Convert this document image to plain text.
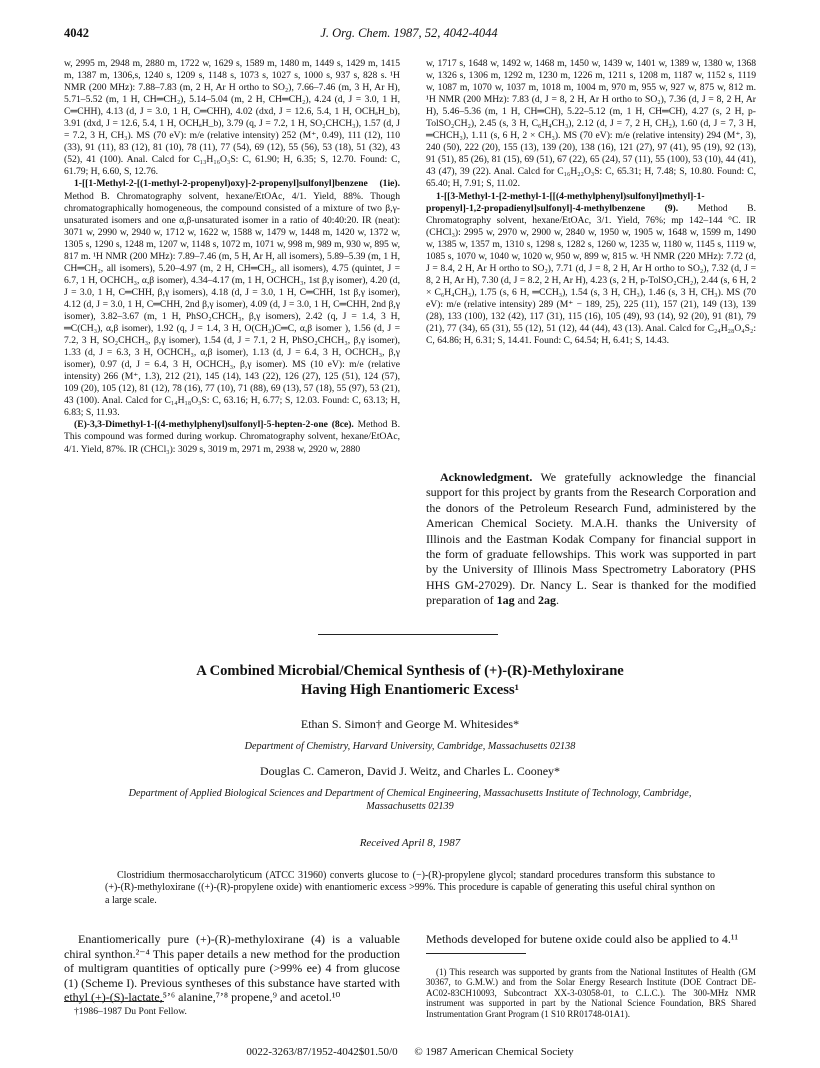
4042	J. Org. Chem. 1987, 52, 4042-4044

w, 2995 m, 2948 m, 2880 m, 1722 w, 1629 s, 1589 m, 1480 m, 1449 s, 1429 m, 1415 m, 1387 m, 1306,s, 1240 s, 1209 s, 1148 s, 1073 s, 1027 s, 1000 s, 937 s, 828 s. ¹H NMR (200 MHz): 7.88–7.83 (m, 2 H, Ar H ortho to SO₂), 7.66–7.46 (m, 3 H, Ar H), 5.71–5.52 (m, 1 H, CH═CH₂), 5.14–5.04 (m, 2 H, CH═CH₂), 4.24 (d, J = 3.0, 1 H, C═CHH), 4.13 (d, J = 3.0, 1 H, C═CHH), 4.02 (dxd, J = 12.6, 5.4, 1 H, OCHₐH_b), 3.91 (dxd, J = 12.6, 5.4, 1 H, OCHₐH_b), 3.79 (q, J = 7.2, 1 H, SO₂CHCH₃), 1.57 (d, J = 7.2, 3 H, CH₃). MS (70 eV): m/e (relative intensity) 252 (M⁺, 0.49), 111 (12), 110 (33), 91 (11), 83 (12), 81 (10), 78 (11), 77 (54), 69 (12), 55 (56), 53 (18), 51 (32), 43 (52), 41 (100). Anal. Calcd for C₁₃H₁₆O₃S: C, 61.90; H, 6.35; S, 12.70. Found: C, 61.79; H, 6.60, S, 12.76.

1-[[1-Methyl-2-[(1-methyl-2-propenyl)oxy]-2-propenyl]sulfonyl]benzene (1ie). Method B. Chromatography solvent, hexane/EtOAc, 4/1. Yield, 88%. Though chromatographically homogeneous, the compound consisted of a mixture of two β,γ-unsaturated isomers and one α,β-unsaturated isomer in a ratio of 40:40:20. IR (neat): 3071 w, 2990 w, 2940 w, 1712 w, 1622 w, 1588 w, 1479 w, 1448 m, 1420 w, 1372 w, 1305 s, 1290 s, 1248 m, 1207 w, 1148 s, 1072 m, 1071 w, 998 m, 989 m, 930 w, 895 w, 817 m. ¹H NMR (200 MHz): 7.89–7.46 (m, 5 H, Ar H, all isomers), 5.89–5.39 (m, 1 H, CH═CH₂, all isomers), 5.20–4.97 (m, 2 H, CH═CH₂, all isomers), 4.75 (quintet, J = 6.7, 1 H, OCHCH₃, α,β isomer), 4.34–4.17 (m, 1 H, OCHCH₃, 1st β,γ isomer), 4.20 (d, J = 3.0, 1 H, C═CHH, β,γ isomers), 4.18 (d, J = 3.0, 1 H, C═CHH, 1st β,γ isomer), 4.12 (d, J = 3.0, 1 H, C═CHH, 2nd β,γ isomer), 4.09 (d, J = 3.0, 1 H, C═CHH, 2nd β,γ isomer), 3.82–3.67 (m, 1 H, PhSO₂CHCH₃, β,γ isomers), 2.42 (q, J = 1.4, 3 H, ═C(CH₃), α,β isomer), 1.92 (q, J = 1.4, 3 H, O(CH₃)C═C, α,β isomer ), 1.56 (d, J = 7.2, 3 H, SO₂CHCH₃, β,γ isomer), 1.54 (d, J = 7.1, 2 H, PhSO₂CHCH₃, β,γ isomer), 1.33 (d, J = 6.3, 3 H, OCHCH₃, α,β isomer), 1.13 (d, J = 6.4, 3 H, OCHCH₃, β,γ isomer), 0.97 (d, J = 6.4, 3 H, OCHCH₃, β,γ isomer). MS (10 eV): m/e (relative intensity) 266 (M⁺, 1.3), 212 (21), 145 (14), 143 (22), 126 (27), 125 (51), 124 (57), 109 (20), 105 (12), 81 (12), 78 (16), 77 (10), 71 (88), 69 (13), 57 (18), 55 (97), 53 (21), 43 (100). Anal. Calcd for C₁₄H₁₈O₃S: C, 63.16; H, 6.77; S, 12.03. Found: C, 63.13; H, 6.83; S, 11.93.

(E)-3,3-Dimethyl-1-[(4-methylphenyl)sulfonyl]-5-hepten-2-one (8ce). Method B. This compound was formed during workup. Chromatography solvent, hexane/EtOAc, 4/1. Yield, 87%. IR (CHCl₃): 3029 s, 3019 m, 2971 m, 2938 w, 2920 w, 2880

w, 1717 s, 1648 w, 1492 w, 1468 m, 1450 w, 1439 w, 1401 w, 1389 w, 1380 w, 1368 w, 1326 s, 1306 m, 1292 m, 1230 m, 1226 m, 1211 s, 1208 m, 1187 w, 1152 s, 1119 w, 1087 m, 1070 w, 1037 m, 1018 m, 1004 m, 970 m, 955 w, 927 w, 875 w, 812 m. ¹H NMR (200 MHz): 7.83 (d, J = 8, 2 H, Ar H ortho to SO₂), 7.36 (d, J = 8, 2 H, Ar H), 5.46–5.36 (m, 1 H, CH═CH), 5.22–5.12 (m, 1 H, CH═CH), 4.27 (s, 2 H, p-TolSO₂CH₂), 2.45 (s, 3 H, C₆H₄CH₃), 2.12 (d, J = 7, 2 H, CH₂), 1.60 (d, J = 7, 3 H, ═CHCH₃), 1.11 (s, 6 H, 2 × CH₃). MS (70 eV): m/e (relative intensity) 294 (M⁺, 3), 240 (50), 222 (20), 155 (13), 139 (20), 138 (16), 121 (27), 97 (41), 95 (19), 92 (13), 91 (51), 85 (26), 81 (15), 69 (51), 67 (22), 65 (24), 57 (11), 55 (100), 53 (10), 44 (41), 43 (47), 39 (22). Anal. Calcd for C₁₆H₂₂O₃S: C, 65.31; H, 7.48; S, 10.80. Found: C, 65.40; H, 7.91; S, 11.02.

1-[[3-Methyl-1-[2-methyl-1-[[(4-methylphenyl)sulfonyl]methyl]-1-propenyl]-1,2-propadienyl]sulfonyl]-4-methylbenzene (9). Method B. Chromatography solvent, hexane/EtOAc, 3/1. Yield, 76%; mp 142–144 °C. IR (CHCl₃): 2995 w, 2970 w, 2900 w, 2840 w, 1950 w, 1905 w, 1648 w, 1599 m, 1490 w, 1385 w, 1357 m, 1310 s, 1298 s, 1282 s, 1260 w, 1235 w, 1180 w, 1145 s, 1119 w, 1085 s, 1070 w, 1040 w, 1020 w, 950 w, 899 w, 815 w. ¹H NMR (220 MHz): 7.72 (d, J = 8.4, 2 H, Ar H ortho to SO₂), 7.71 (d, J = 8, 2 H, Ar H ortho to SO₂), 7.32 (d, J = 8, 2 H, Ar H), 7.30 (d, J = 8.2, 2 H, Ar H), 4.23 (s, 2 H, p-TolSO₂CH₂), 2.44 (s, 6 H, 2 × C₆H₄CH₃), 1.75 (s, 6 H, ═CCH₃), 1.54 (s, 3 H, CH₃), 1.46 (s, 3 H, CH₃). MS (70 eV): m/e (relative intensity) 289 (M⁺ − 189, 25), 225 (11), 157 (21), 149 (13), 139 (28), 133 (100), 132 (42), 117 (31), 115 (16), 105 (49), 93 (14), 92 (20), 91 (81), 79 (21), 77 (34), 65 (31), 55 (12), 51 (12), 44 (44), 43 (13). Anal. Calcd for C₂₄H₂₈O₄S₂: C, 64.86; H, 6.31; S, 14.41. Found: C, 64.54; H, 6.41; S, 14.43.

Acknowledgment. We gratefully acknowledge the financial support for this project by grants from the Research Corporation and the donors of the Petroleum Research Fund, administered by the American Chemical Society. M.A.H. thanks the University of Illinois and the Eastman Kodak Company for financial support in the form of graduate fellowships. This work was supported in part by the University of Illinois Mass Spectrometry Laboratory (PHS HHS GM-27029). Dr. Nancy L. Sear is thanked for the modified preparation of 1ag and 2ag.

A Combined Microbial/Chemical Synthesis of (+)-(R)-Methyloxirane
Having High Enantiomeric Excess¹
Ethan S. Simon† and George M. Whitesides*
Department of Chemistry, Harvard University, Cambridge, Massachusetts 02138
Douglas C. Cameron, David J. Weitz, and Charles L. Cooney*
Department of Applied Biological Sciences and Department of Chemical Engineering, Massachusetts Institute of Technology, Cambridge, Massachusetts 02139
Received April 8, 1987

Clostridium thermosaccharolyticum (ATCC 31960) converts glucose to (−)-(R)-propylene glycol; standard procedures transform this substance to (+)-(R)-methyloxirane ((+)-(R)-propylene oxide) with enantiomeric excess >99%. This procedure is capable of generating this useful chiral synthon on a large scale.

Enantiomerically pure (+)-(R)-methyloxirane (4) is a valuable chiral synthon.²⁻⁴ This paper details a new method for the production of multigram quantities of optically pure (>99% ee) 4 from glucose (1) (Scheme I). Previous syntheses of this substance have started with ethyl (+)-(S)-lactate,⁵ʼ⁶ alanine,⁷ʼ⁸ propene,⁹ and acetol.¹⁰

Methods developed for butene oxide could also be applied to 4.¹¹

(1) This research was supported by grants from the National Institutes of Health (GM 30367, to G.M.W.) and from the Solar Energy Research Institute (DOE Contract DE-AC02-83CH10093, Subcontract XX-3-03058-01, to C.L.C.). The 300-MHz NMR instrument was supported in part by the National Science Foundation, BRS Shared Instrumentation Grant Program (1 S10 RR01748-01A1).

†1986–1987 Du Pont Fellow.
0022-3263/87/1952-4042$01.50/0 © 1987 American Chemical Society
